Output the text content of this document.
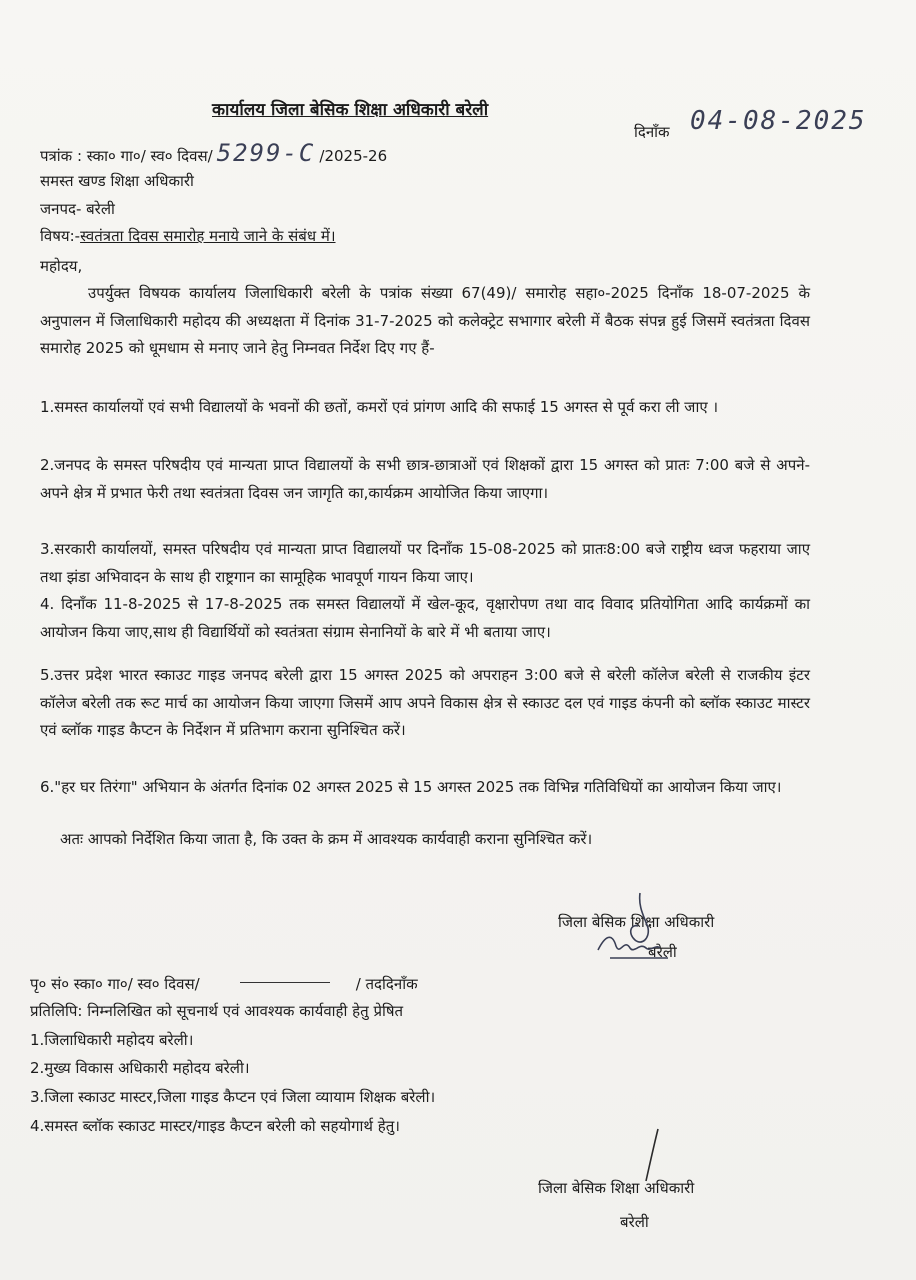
कार्यालय जिला बेसिक शिक्षा अधिकारी बरेली
दिनाँक 04-08-2025
पत्रांक : स्का० गा०/ स्व० दिवस/ 5299-C /2025-26
समस्त खण्ड शिक्षा अधिकारी
जनपद- बरेली
विषय:-स्वतंत्रता दिवस समारोह मनाये जाने के संबंध में।
महोदय,
उपर्युक्त विषयक कार्यालय जिलाधिकारी बरेली के पत्रांक संख्या 67(49)/ समारोह सहा०-2025 दिनाँक 18-07-2025 के अनुपालन में जिलाधिकारी महोदय की अध्यक्षता में दिनांक 31-7-2025 को कलेक्ट्रेट सभागार बरेली में बैठक संपन्न हुई जिसमें स्वतंत्रता दिवस समारोह 2025 को धूमधाम से मनाए जाने हेतु निम्नवत निर्देश दिए गए हैं-
1.समस्त कार्यालयों एवं सभी विद्यालयों के भवनों की छतों, कमरों एवं प्रांगण आदि की सफाई 15 अगस्त से पूर्व करा ली जाए ।
2.जनपद के समस्त परिषदीय एवं मान्यता प्राप्त विद्यालयों के सभी छात्र-छात्राओं एवं शिक्षकों द्वारा 15 अगस्त को प्रातः 7:00 बजे से अपने-अपने क्षेत्र में प्रभात फेरी तथा स्वतंत्रता दिवस जन जागृति का,कार्यक्रम आयोजित किया जाएगा।
3.सरकारी कार्यालयों, समस्त परिषदीय एवं मान्यता प्राप्त विद्यालयों पर दिनाँक 15-08-2025 को प्रातः8:00 बजे राष्ट्रीय ध्वज फहराया जाए तथा झंडा अभिवादन के साथ ही राष्ट्रगान का सामूहिक भावपूर्ण गायन किया जाए।
4. दिनाँक 11-8-2025 से 17-8-2025 तक समस्त विद्यालयों में खेल-कूद, वृक्षारोपण तथा वाद विवाद प्रतियोगिता आदि कार्यक्रमों का आयोजन किया जाए,साथ ही विद्यार्थियों को स्वतंत्रता संग्राम सेनानियों के बारे में भी बताया जाए।
5.उत्तर प्रदेश भारत स्काउट गाइड जनपद बरेली द्वारा 15 अगस्त 2025 को अपराहन 3:00 बजे से बरेली कॉलेज बरेली से राजकीय इंटर कॉलेज बरेली तक रूट मार्च का आयोजन किया जाएगा जिसमें आप अपने विकास क्षेत्र से स्काउट दल एवं गाइड कंपनी को ब्लॉक स्काउट मास्टर एवं ब्लॉक गाइड कैप्टन के निर्देशन में प्रतिभाग कराना सुनिश्चित करें।
6."हर घर तिरंगा" अभियान के अंतर्गत दिनांक 02 अगस्त 2025 से 15 अगस्त 2025 तक विभिन्न गतिविधियों का आयोजन किया जाए।
अतः आपको निर्देशित किया जाता है, कि उक्त के क्रम में आवश्यक कार्यवाही कराना सुनिश्चित करें।
जिला बेसिक शिक्षा अधिकारी
बरेली
पृ० सं० स्का० गा०/ स्व० दिवस/	/ तददिनाँक
प्रतिलिपि: निम्नलिखित को सूचनार्थ एवं आवश्यक कार्यवाही हेतु प्रेषित
1.जिलाधिकारी महोदय बरेली।
2.मुख्य विकास अधिकारी महोदय बरेली।
3.जिला स्काउट मास्टर,जिला गाइड कैप्टन एवं जिला व्यायाम शिक्षक बरेली।
4.समस्त ब्लॉक स्काउट मास्टर/गाइड कैप्टन बरेली को सहयोगार्थ हेतु।
जिला बेसिक शिक्षा अधिकारी
बरेली
